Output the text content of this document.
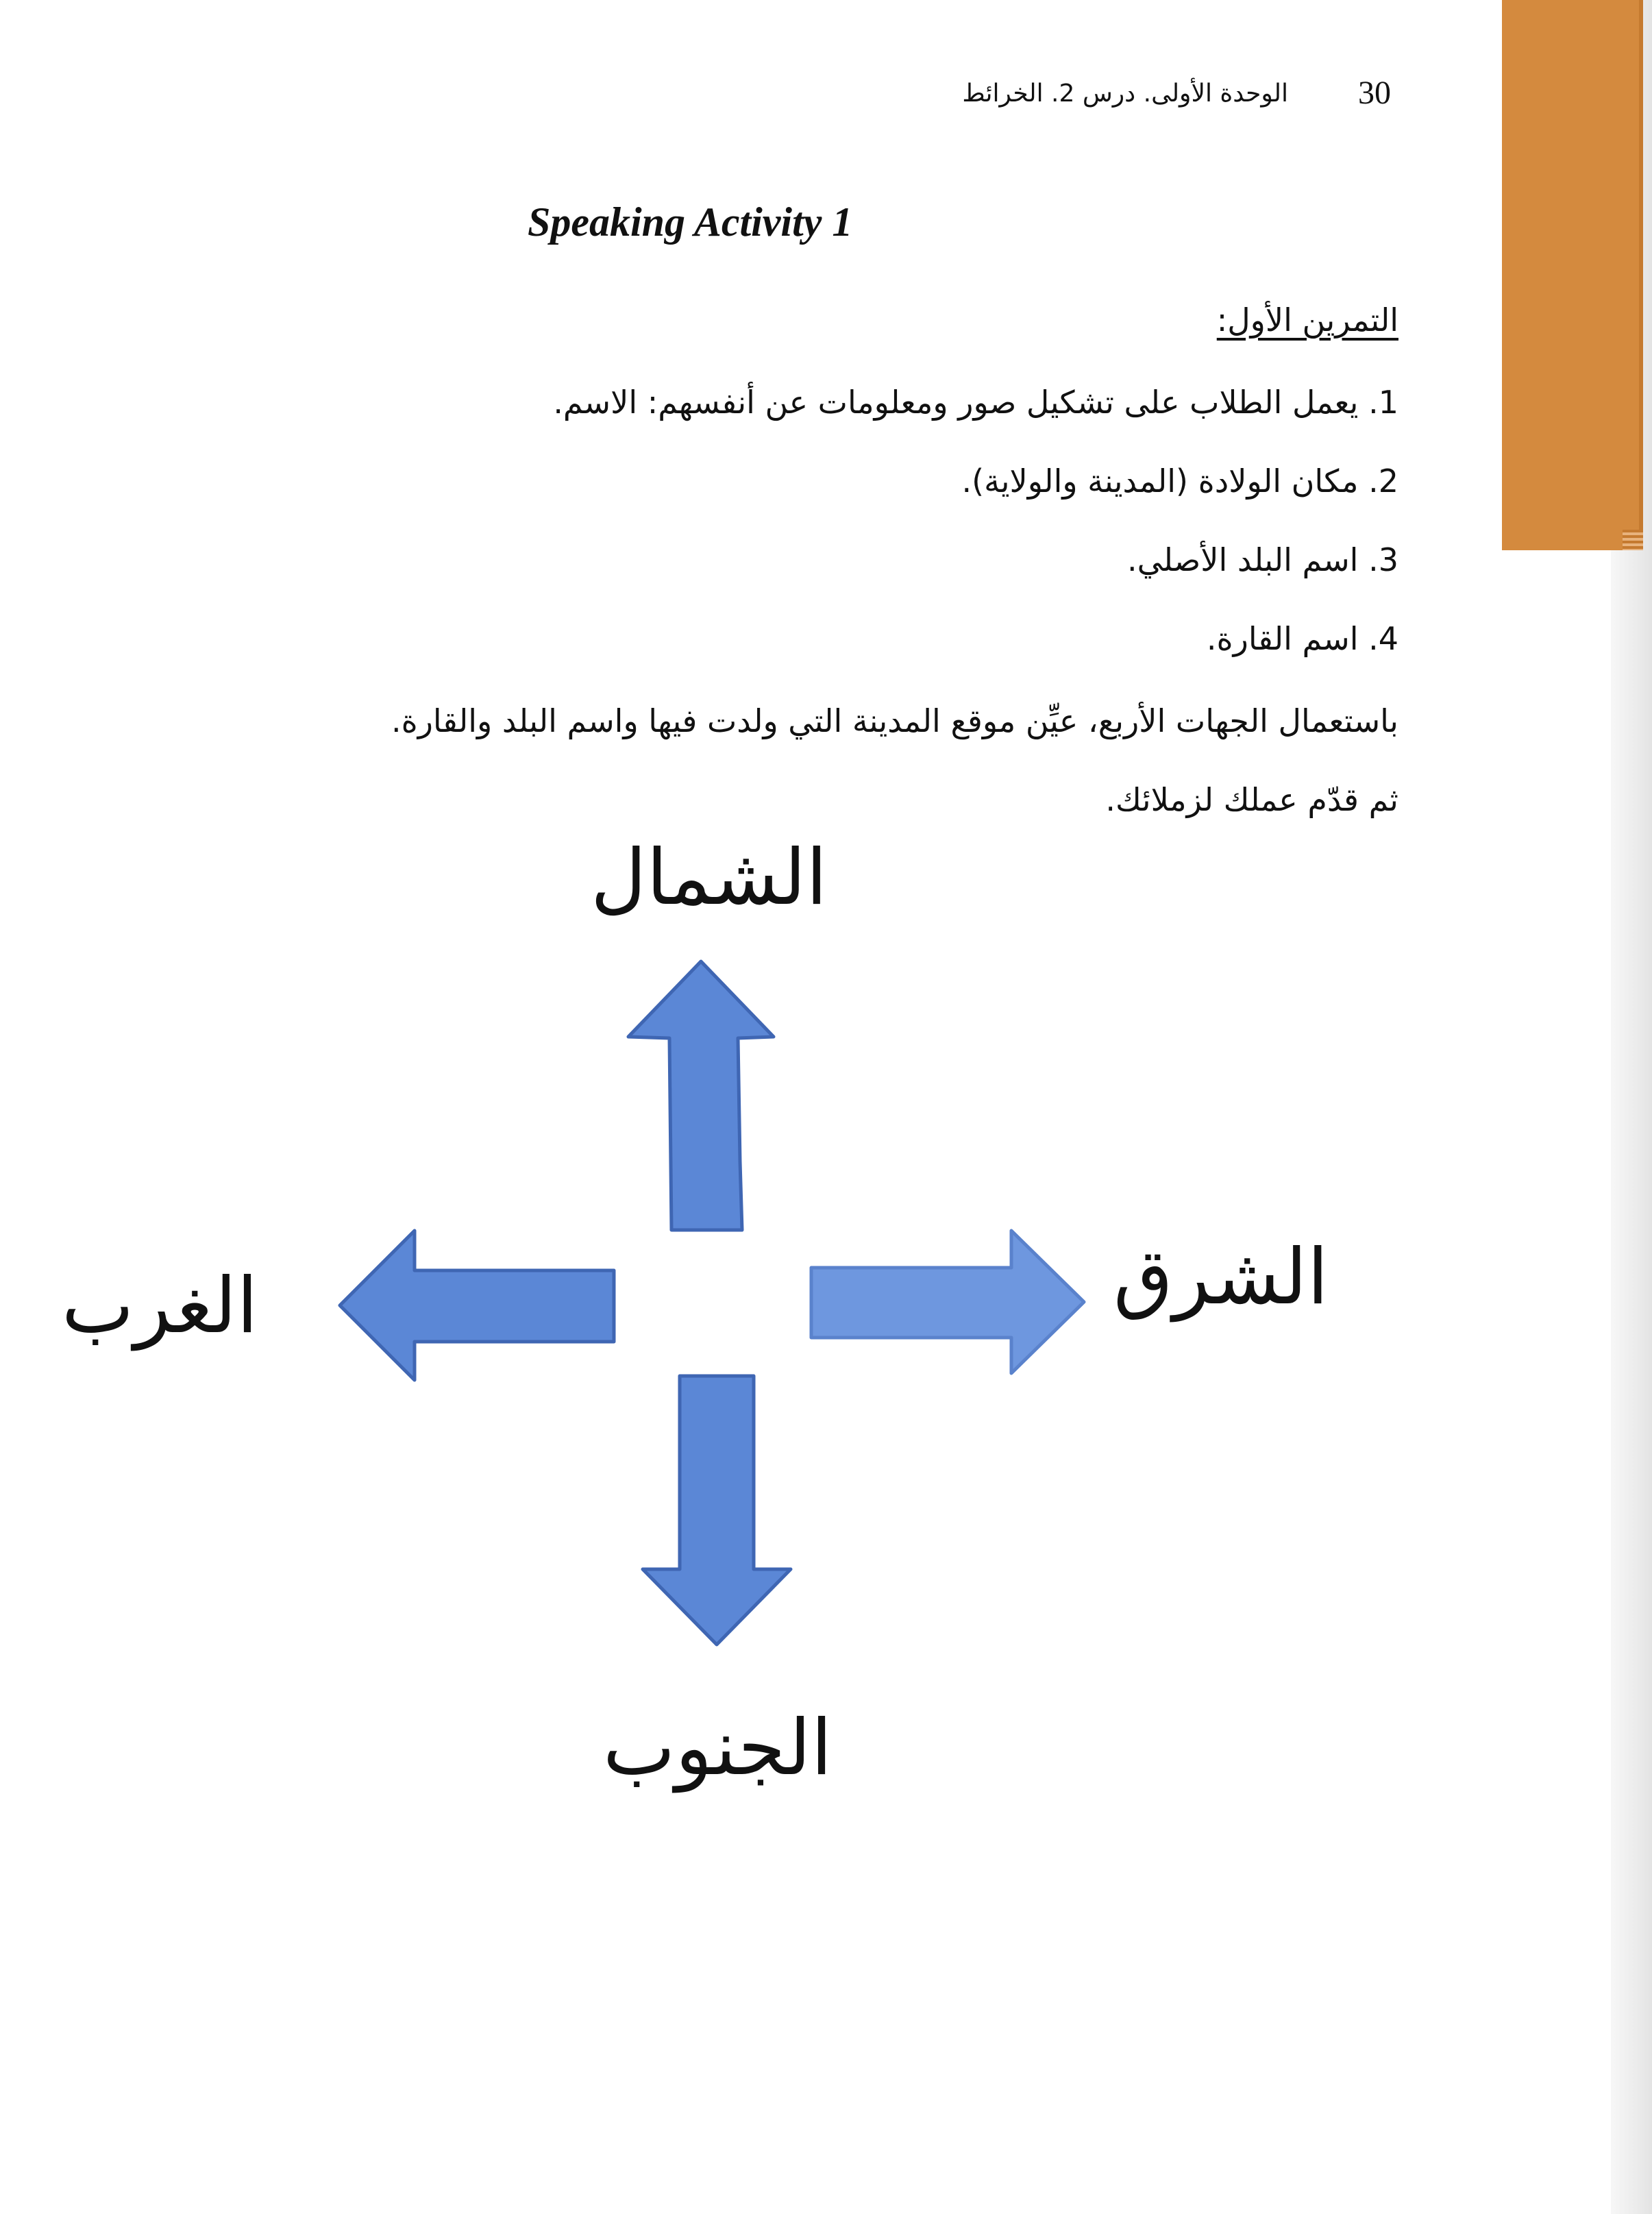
30
الوحدة الأولى. درس 2. الخرائط
Speaking Activity 1
التمرين الأول:
1. يعمل الطلاب على تشكيل صور ومعلومات عن أنفسهم: الاسم.
2. مكان الولادة (المدينة والولاية).
3. اسم البلد الأصلي.
4. اسم القارة.
باستعمال الجهات الأربع، عيِّن موقع المدينة التي ولدت فيها واسم البلد والقارة.
ثم قدّم عملك لزملائك.
الشمال
الشرق
الغرب
الجنوب
